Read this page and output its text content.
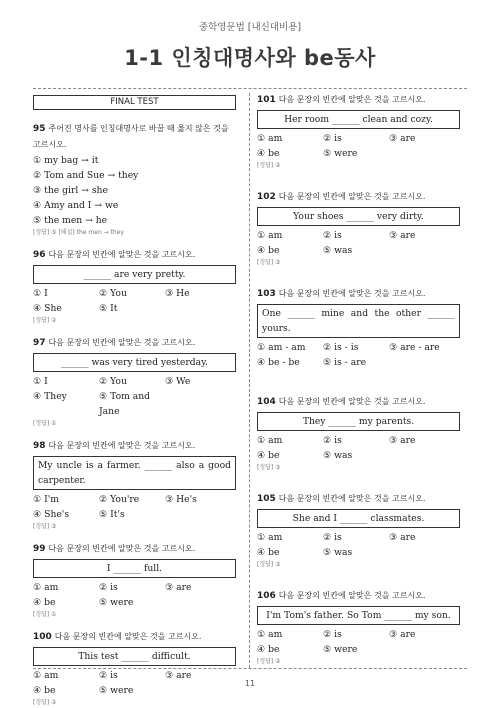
중학영문법 [내신대비용]
1-1 인칭대명사와 be동사
FINAL TEST
95 주어진 명사를 인칭대명사로 바꿀 때 옳지 않은 것을 고르시오.
① my bag → it
② Tom and Sue → they
③ the girl → she
④ Amy and I → we
⑤ the men → he
[정답] ⑤ [해설] the men → they
96 다음 문장의 빈칸에 알맞은 것을 고르시오.
______ are very pretty.
① I	② You	③ He
④ She	⑤ It
[정답] ②
97 다음 문장의 빈칸에 알맞은 것을 고르시오.
______ was very tired yesterday.
① I	② You	③ We
④ They	⑤ Tom and Jane
[정답] ①
98 다음 문장의 빈칸에 알맞은 것을 고르시오.
My uncle is a farmer. ______ also a good carpenter.
① I'm	② You're	③ He's
④ She's	⑤ It's
[정답] ③
99 다음 문장의 빈칸에 알맞은 것을 고르시오.
I ______ full.
① am	② is	③ are
④ be	⑤ were
[정답] ①
100 다음 문장의 빈칸에 알맞은 것을 고르시오.
This test ______ difficult.
① am	② is	③ are
④ be	⑤ were
[정답] ②
101 다음 문장의 빈칸에 알맞은 것을 고르시오.
Her room ______ clean and cozy.
① am	② is	③ are
④ be	⑤ were
[정답] ②
102 다음 문장의 빈칸에 알맞은 것을 고르시오.
Your shoes ______ very dirty.
① am	② is	③ are
④ be	⑤ was
[정답] ③
103 다음 문장의 빈칸에 알맞은 것을 고르시오.
One ______ mine and the other ______ yours.
① am - am	② is - is	③ are - are
④ be - be	⑤ is - are
104 다음 문장의 빈칸에 알맞은 것을 고르시오.
They ______ my parents.
① am	② is	③ are
④ be	⑤ was
[정답] ③
105 다음 문장의 빈칸에 알맞은 것을 고르시오.
She and I ______ classmates.
① am	② is	③ are
④ be	⑤ was
[정답] ③
106 다음 문장의 빈칸에 알맞은 것을 고르시오.
I'm Tom's father. So Tom ______ my son.
① am	② is	③ are
④ be	⑤ were
[정답] ②
11
